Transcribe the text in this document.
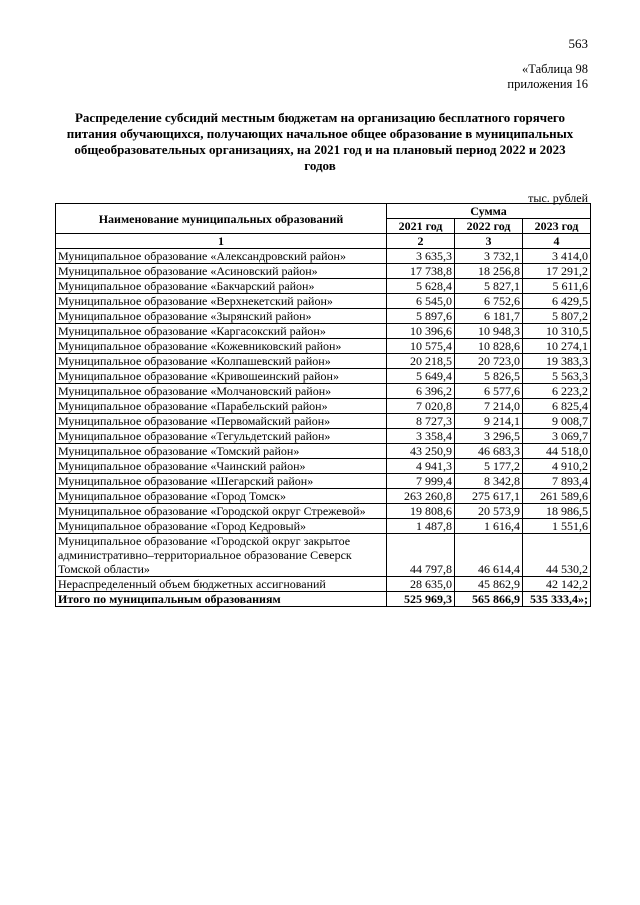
563
«Таблица 98
приложения 16
Распределение субсидий местным бюджетам на организацию бесплатного горячего питания обучающихся, получающих начальное общее образование в муниципальных общеобразовательных организациях, на 2021 год и на плановый период 2022 и 2023 годов
тыс. рублей
Наименование муниципальных образований	Сумма		
	2021 год	2022 год	2023 год
1	2	3	4
Муниципальное образование «Александровский район»	3 635,3	3 732,1	3 414,0
Муниципальное образование «Асиновский район»	17 738,8	18 256,8	17 291,2
Муниципальное образование «Бакчарский район»	5 628,4	5 827,1	5 611,6
Муниципальное образование «Верхнекетский район»	6 545,0	6 752,6	6 429,5
Муниципальное образование «Зырянский район»	5 897,6	6 181,7	5 807,2
Муниципальное образование «Каргасокский район»	10 396,6	10 948,3	10 310,5
Муниципальное образование «Кожевниковский район»	10 575,4	10 828,6	10 274,1
Муниципальное образование «Колпашевский район»	20 218,5	20 723,0	19 383,3
Муниципальное образование «Кривошеинский район»	5 649,4	5 826,5	5 563,3
Муниципальное образование «Молчановский район»	6 396,2	6 577,6	6 223,2
Муниципальное образование «Парабельский район»	7 020,8	7 214,0	6 825,4
Муниципальное образование «Первомайский район»	8 727,3	9 214,1	9 008,7
Муниципальное образование «Тегульдетский район»	3 358,4	3 296,5	3 069,7
Муниципальное образование «Томский район»	43 250,9	46 683,3	44 518,0
Муниципальное образование «Чаинский район»	4 941,3	5 177,2	4 910,2
Муниципальное образование «Шегарский район»	7 999,4	8 342,8	7 893,4
Муниципальное образование «Город Томск»	263 260,8	275 617,1	261 589,6
Муниципальное образование «Городской округ Стрежевой»	19 808,6	20 573,9	18 986,5
Муниципальное образование «Город Кедровый»	1 487,8	1 616,4	1 551,6
Муниципальное образование «Городской округ закрытое административно–территориальное образование Северск Томской области»	44 797,8	46 614,4	44 530,2
Нераспределенный объем бюджетных ассигнований	28 635,0	45 862,9	42 142,2
Итого по муниципальным образованиям	525 969,3	565 866,9	535 333,4»;
